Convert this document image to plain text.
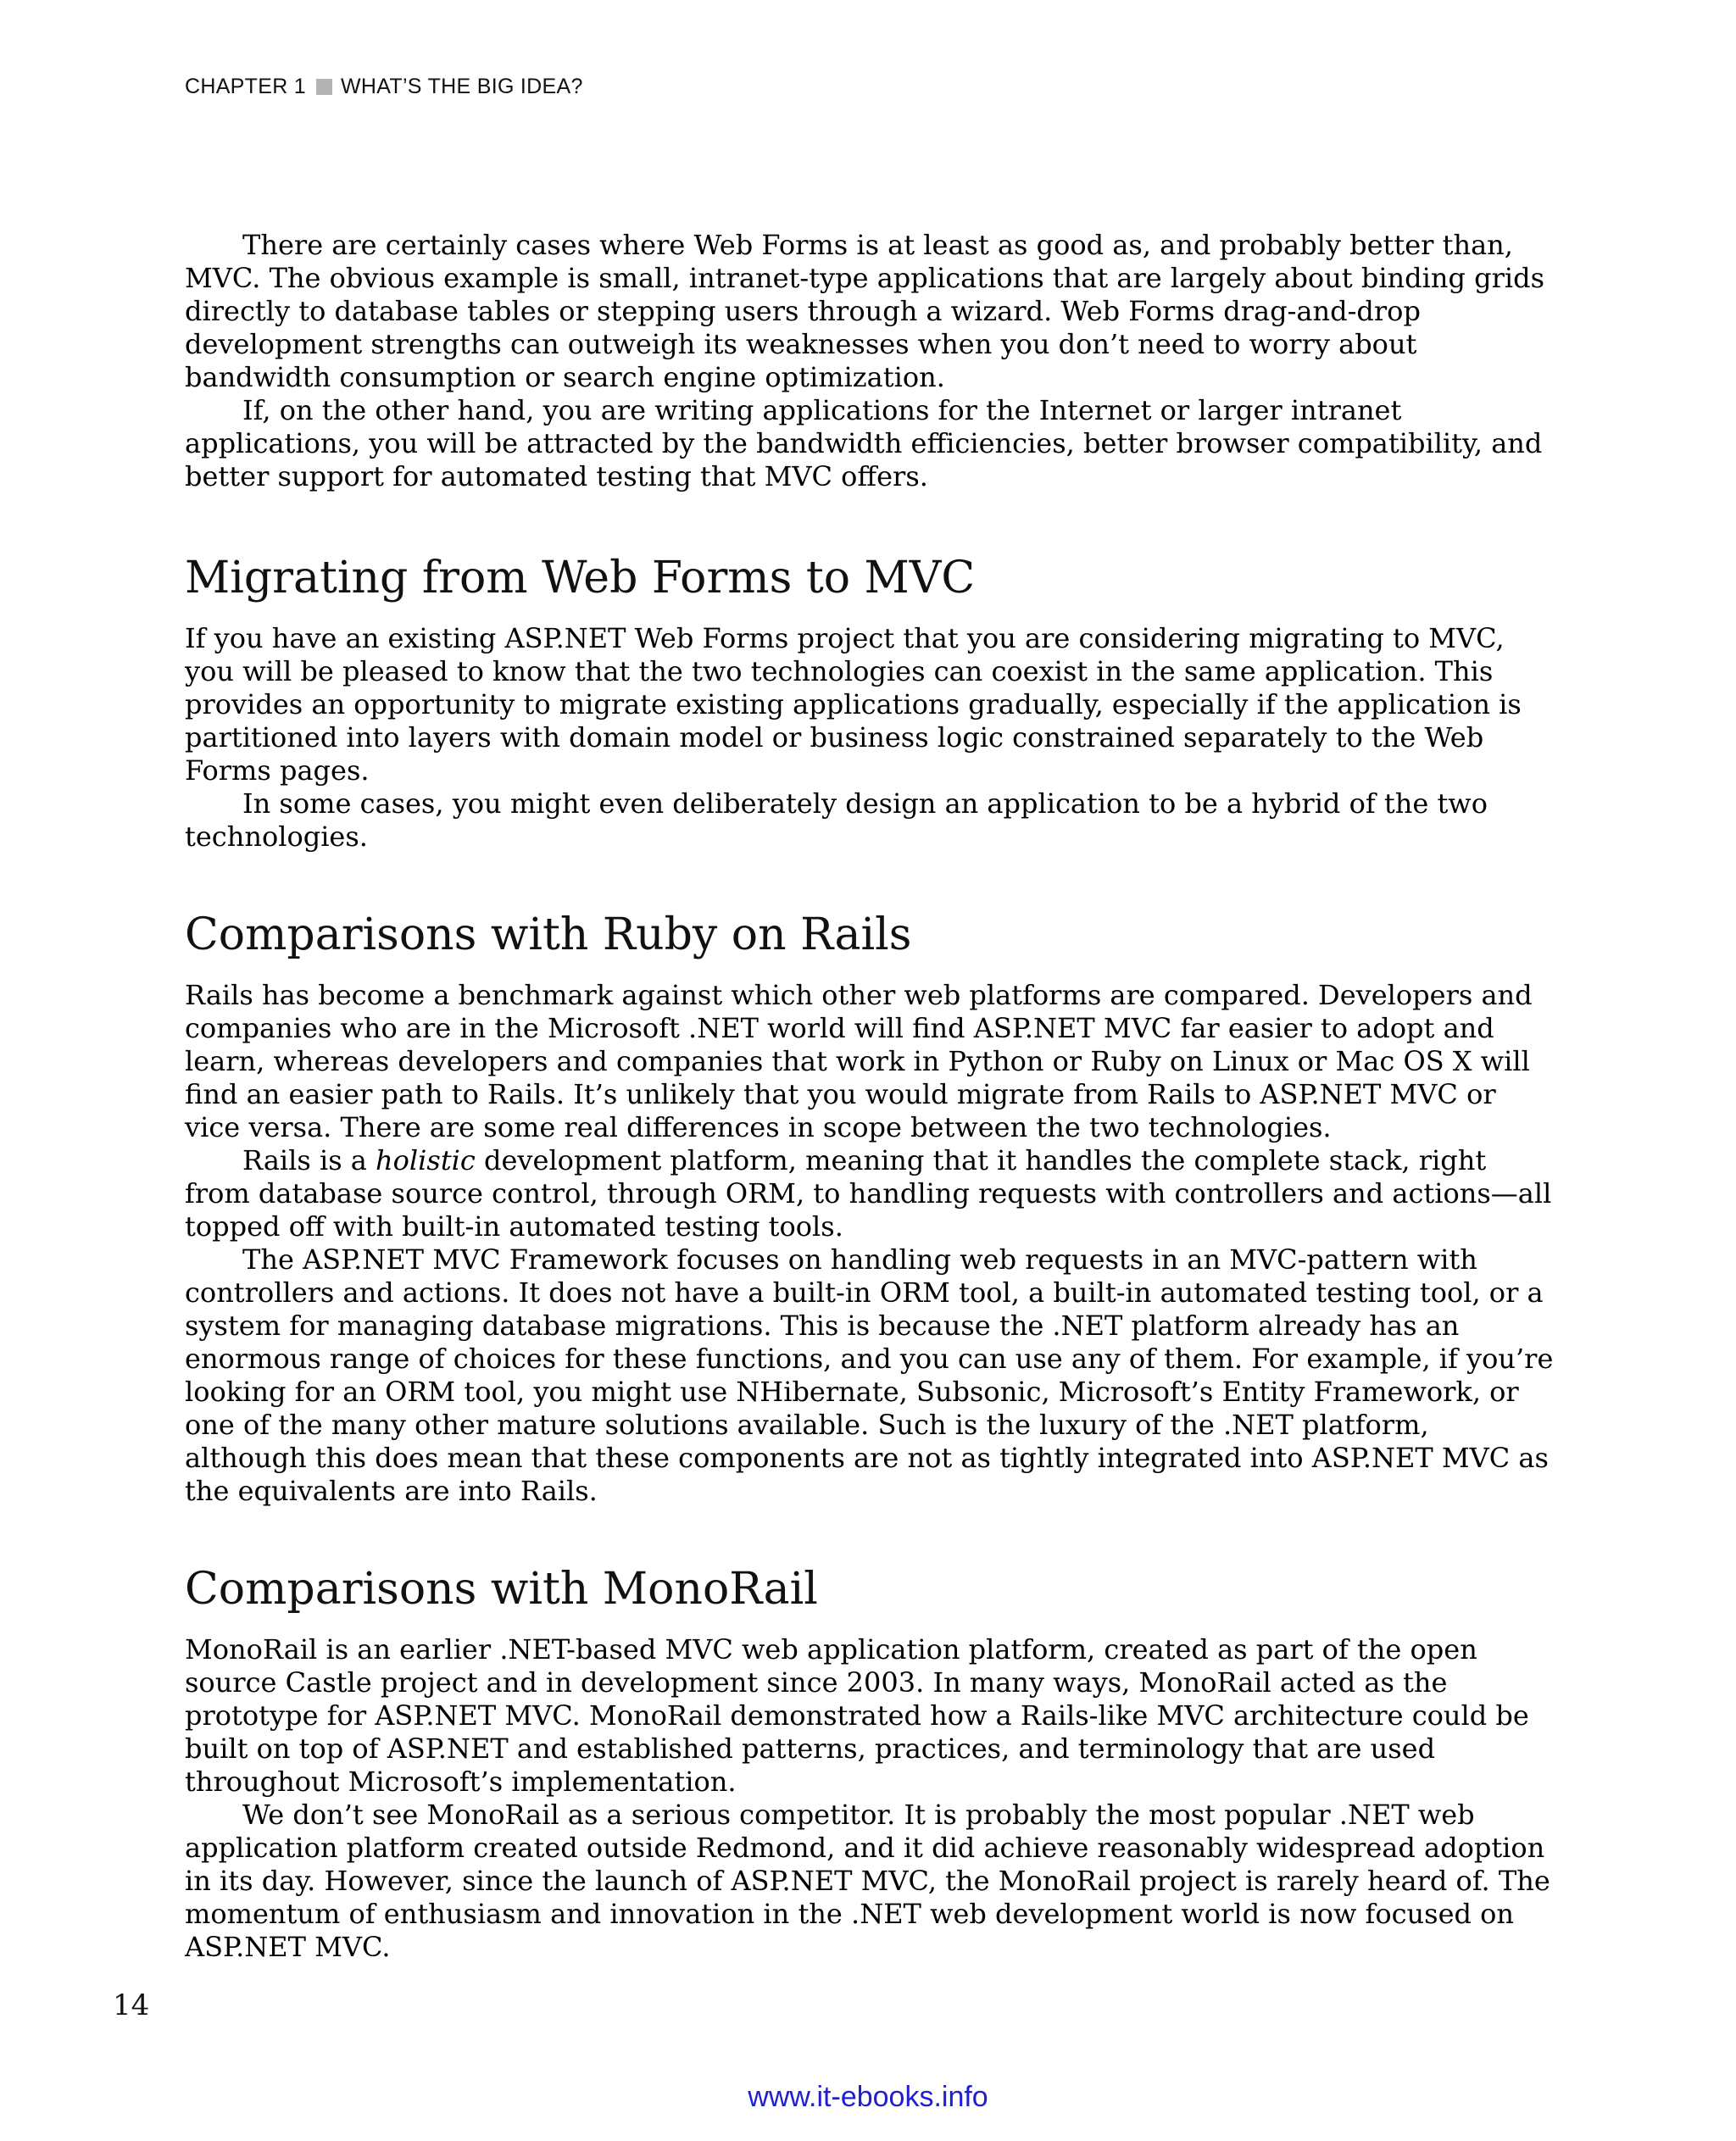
CHAPTER 1 WHAT’S THE BIG IDEA?

There are certainly cases where Web Forms is at least as good as, and probably better than, MVC. The obvious example is small, intranet-type applications that are largely about binding grids directly to database tables or stepping users through a wizard. Web Forms drag-and-drop development strengths can outweigh its weaknesses when you don’t need to worry about bandwidth consumption or search engine optimization.

If, on the other hand, you are writing applications for the Internet or larger intranet applications, you will be attracted by the bandwidth efficiencies, better browser compatibility, and better support for automated testing that MVC offers.

Migrating from Web Forms to MVC

If you have an existing ASP.NET Web Forms project that you are considering migrating to MVC, you will be pleased to know that the two technologies can coexist in the same application. This provides an opportunity to migrate existing applications gradually, especially if the application is partitioned into layers with domain model or business logic constrained separately to the Web Forms pages.

In some cases, you might even deliberately design an application to be a hybrid of the two technologies.

Comparisons with Ruby on Rails

Rails has become a benchmark against which other web platforms are compared. Developers and companies who are in the Microsoft .NET world will find ASP.NET MVC far easier to adopt and learn, whereas developers and companies that work in Python or Ruby on Linux or Mac OS X will find an easier path to Rails. It’s unlikely that you would migrate from Rails to ASP.NET MVC or vice versa. There are some real differences in scope between the two technologies.

Rails is a holistic development platform, meaning that it handles the complete stack, right from database source control, through ORM, to handling requests with controllers and actions—all topped off with built-in automated testing tools.

The ASP.NET MVC Framework focuses on handling web requests in an MVC-pattern with controllers and actions. It does not have a built-in ORM tool, a built-in automated testing tool, or a system for managing database migrations. This is because the .NET platform already has an enormous range of choices for these functions, and you can use any of them. For example, if you’re looking for an ORM tool, you might use NHibernate, Subsonic, Microsoft’s Entity Framework, or one of the many other mature solutions available. Such is the luxury of the .NET platform, although this does mean that these components are not as tightly integrated into ASP.NET MVC as the equivalents are into Rails.

Comparisons with MonoRail

MonoRail is an earlier .NET-based MVC web application platform, created as part of the open source Castle project and in development since 2003. In many ways, MonoRail acted as the prototype for ASP.NET MVC. MonoRail demonstrated how a Rails-like MVC architecture could be built on top of ASP.NET and established patterns, practices, and terminology that are used throughout Microsoft’s implementation.

We don’t see MonoRail as a serious competitor. It is probably the most popular .NET web application platform created outside Redmond, and it did achieve reasonably widespread adoption in its day. However, since the launch of ASP.NET MVC, the MonoRail project is rarely heard of. The momentum of enthusiasm and innovation in the .NET web development world is now focused on ASP.NET MVC.

14
www.it-ebooks.info
